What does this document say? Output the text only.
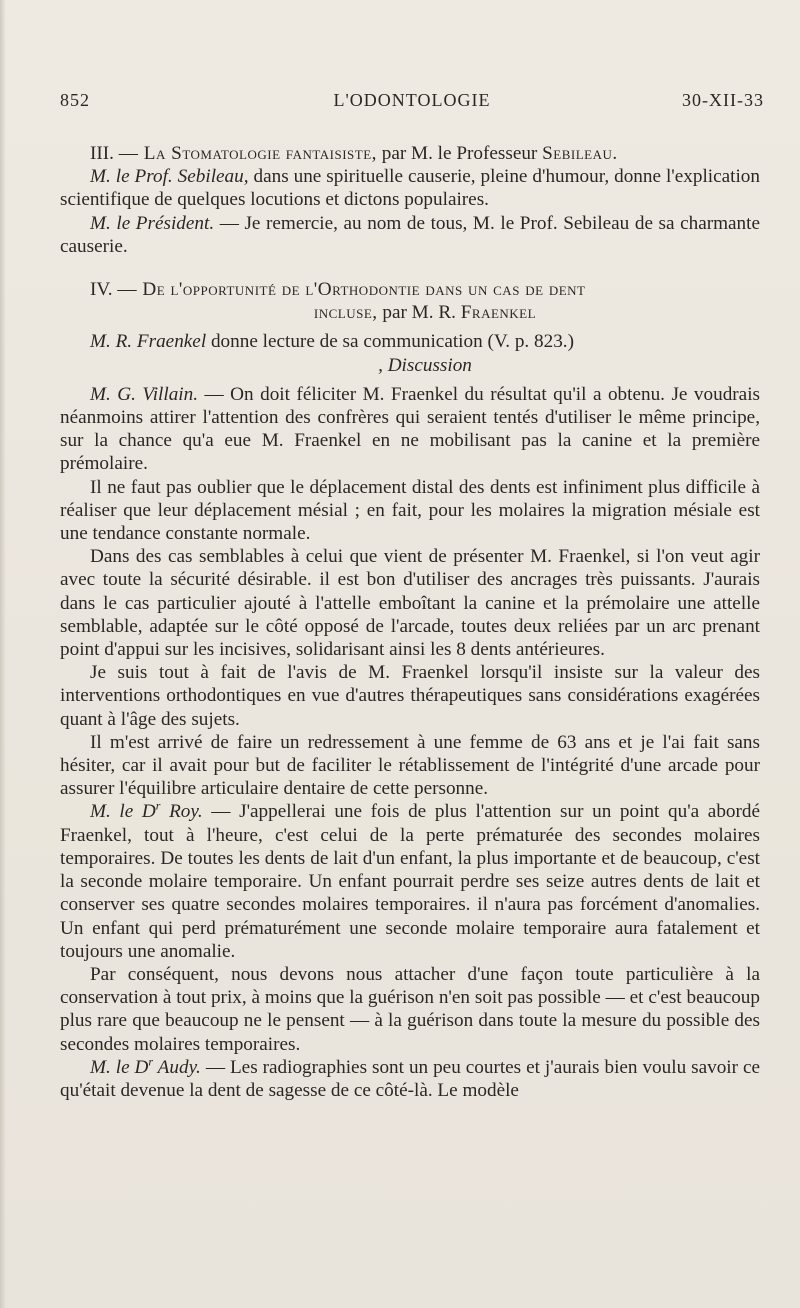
852	L'ODONTOLOGIE	30-XII-33

III. — La Stomatologie fantaisiste, par M. le Professeur Sebileau.

M. le Prof. Sebileau, dans une spirituelle causerie, pleine d'humour, donne l'explication scientifique de quelques locutions et dictons populaires.

M. le Président. — Je remercie, au nom de tous, M. le Prof. Sebileau de sa charmante causerie.

IV. — De l'opportunité de l'Orthodontie dans un cas de dent

incluse, par M. R. Fraenkel

M. R. Fraenkel donne lecture de sa communication (V. p. 823.)

, Discussion

M. G. Villain. — On doit féliciter M. Fraenkel du résultat qu'il a obtenu. Je voudrais néanmoins attirer l'attention des confrères qui seraient tentés d'utiliser le même principe, sur la chance qu'a eue M. Fraenkel en ne mobilisant pas la canine et la première prémolaire.

Il ne faut pas oublier que le déplacement distal des dents est infiniment plus difficile à réaliser que leur déplacement mésial ; en fait, pour les molaires la migration mésiale est une tendance constante normale.

Dans des cas semblables à celui que vient de présenter M. Fraenkel, si l'on veut agir avec toute la sécurité désirable. il est bon d'utiliser des ancrages très puissants. J'aurais dans le cas particulier ajouté à l'attelle emboîtant la canine et la prémolaire une attelle semblable, adaptée sur le côté opposé de l'arcade, toutes deux reliées par un arc prenant point d'appui sur les incisives, solidarisant ainsi les 8 dents antérieures.

Je suis tout à fait de l'avis de M. Fraenkel lorsqu'il insiste sur la valeur des interventions orthodontiques en vue d'autres thérapeutiques sans considérations exagérées quant à l'âge des sujets.

Il m'est arrivé de faire un redressement à une femme de 63 ans et je l'ai fait sans hésiter, car il avait pour but de faciliter le rétablissement de l'intégrité d'une arcade pour assurer l'équilibre articulaire dentaire de cette personne.

M. le $D^r$ Roy. — J'appellerai une fois de plus l'attention sur un point qu'a abordé Fraenkel, tout à l'heure, c'est celui de la perte prématurée des secondes molaires temporaires. De toutes les dents de lait d'un enfant, la plus importante et de beaucoup, c'est la seconde molaire temporaire. Un enfant pourrait perdre ses seize autres dents de lait et conserver ses quatre secondes molaires temporaires. il n'aura pas forcément d'anomalies. Un enfant qui perd prématurément une seconde molaire temporaire aura fatalement et toujours une anomalie.

Par conséquent, nous devons nous attacher d'une façon toute particulière à la conservation à tout prix, à moins que la guérison n'en soit pas possible — et c'est beaucoup plus rare que beaucoup ne le pensent — à la guérison dans toute la mesure du possible des secondes molaires temporaires.

M. le $D^r$ Audy. — Les radiographies sont un peu courtes et j'aurais bien voulu savoir ce qu'était devenue la dent de sagesse de ce côté-là. Le modèle
